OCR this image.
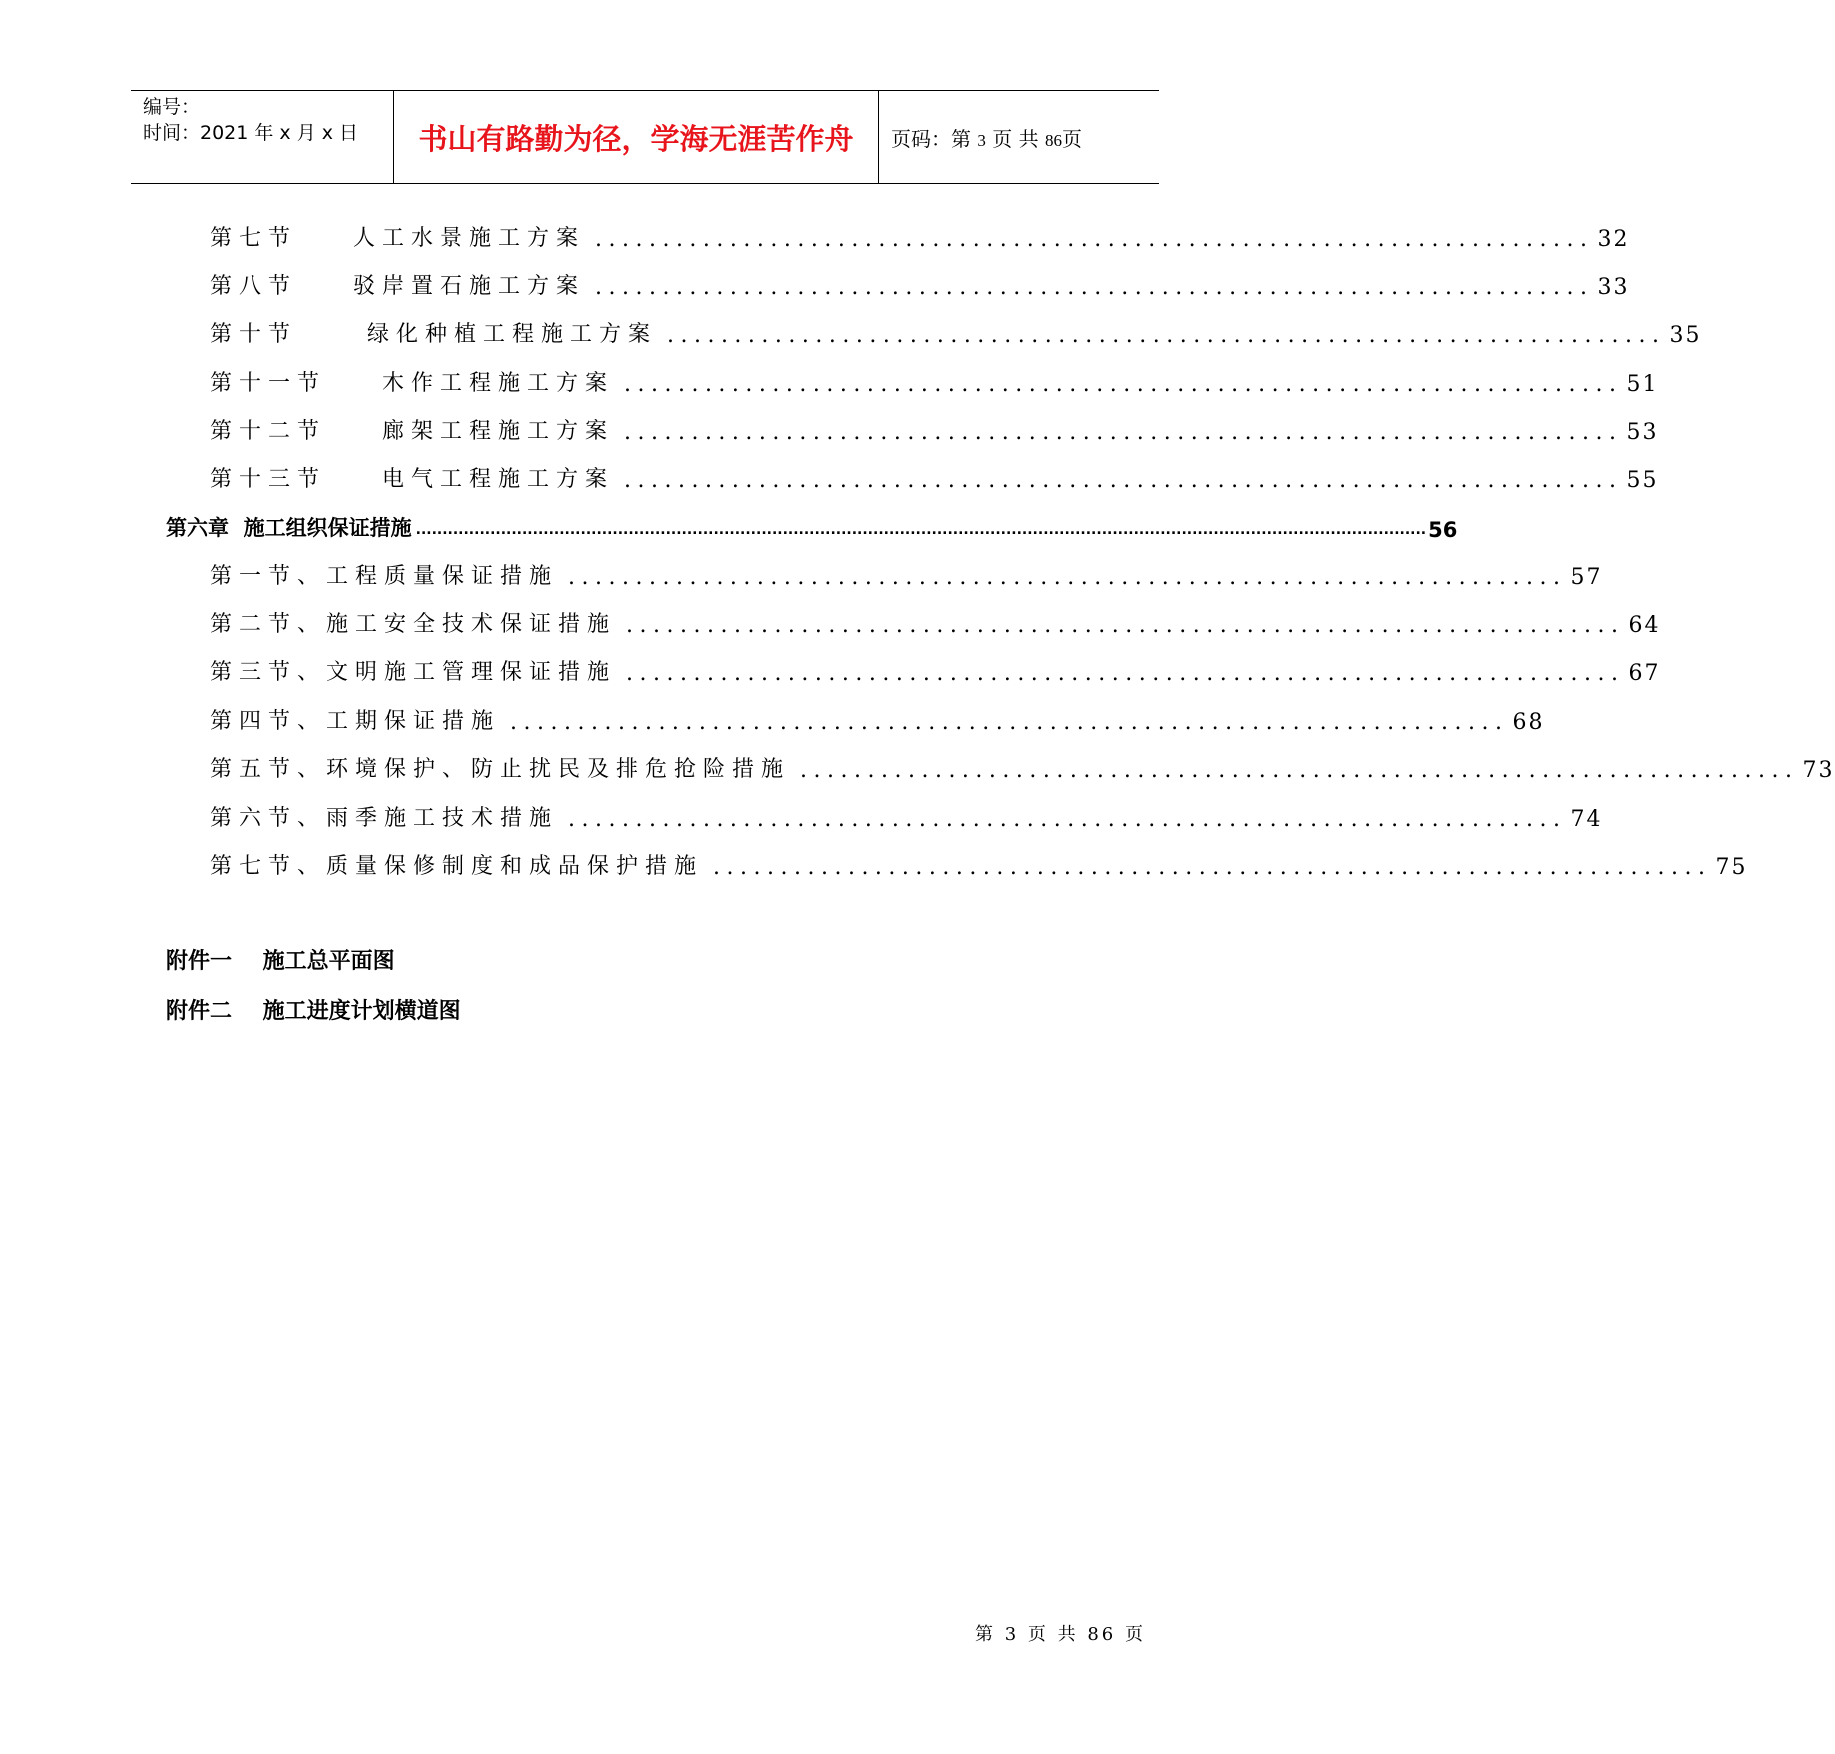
编号：
时间：2021 年 x 月 x 日	书山有路勤为径，学海无涯苦作舟	页码：第 3 页 共 86页
第七节    人工水景施工方案 .......................................................................... 32
第八节    驳岸置石施工方案 .......................................................................... 33
第十节     绿化种植工程施工方案 .......................................................................... 35
第十一节    木作工程施工方案 .......................................................................... 51
第十二节    廊架工程施工方案 .......................................................................... 53
第十三节    电气工程施工方案 .......................................................................... 55
第六章  施工组织保证措施 .............................................................................................................................................................................................. 56
第一节、工程质量保证措施 .......................................................................... 57
第二节、施工安全技术保证措施 .......................................................................... 64
第三节、文明施工管理保证措施 .......................................................................... 67
第四节、工期保证措施 .......................................................................... 68
第五节、环境保护、防止扰民及排危抢险措施 .......................................................................... 73
第六节、雨季施工技术措施 .......................................................................... 74
第七节、质量保修制度和成品保护措施 .......................................................................... 75
附件一    施工总平面图
附件二    施工进度计划横道图
第 3 页 共 86 页
